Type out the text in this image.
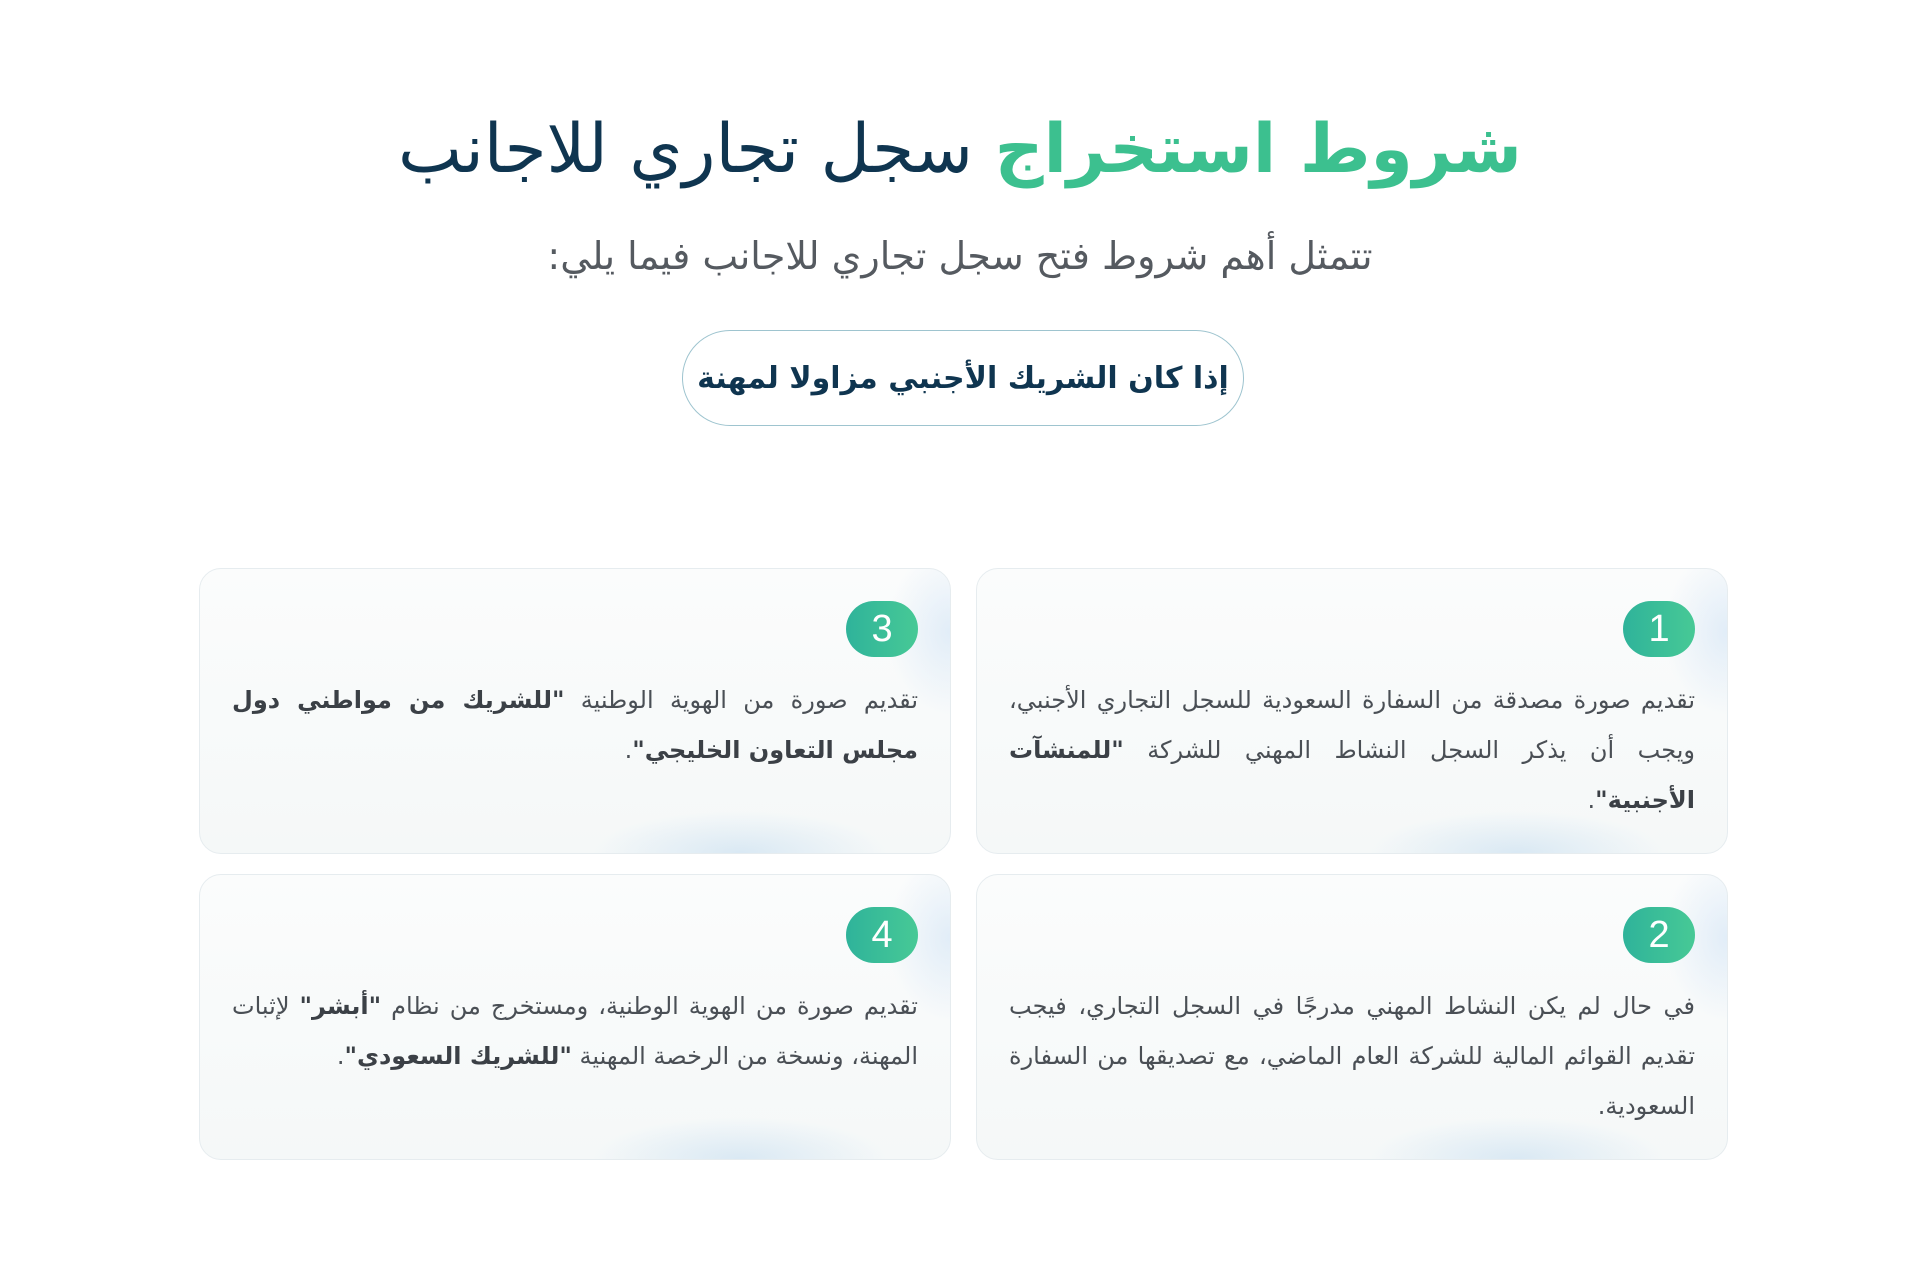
شروط استخراج سجل تجاري للاجانب

تتمثل أهم شروط فتح سجل تجاري للاجانب فيما يلي:

إذا كان الشريك الأجنبي مزاولا لمهنة
1
تقديم صورة مصدقة من السفارة السعودية للسجل التجاري الأجنبي، ويجب أن يذكر السجل النشاط المهني للشركة "للمنشآت الأجنبية".
3
تقديم صورة من الهوية الوطنية "للشريك من مواطني دول مجلس التعاون الخليجي".
2
في حال لم يكن النشاط المهني مدرجًا في السجل التجاري، فيجب تقديم القوائم المالية للشركة العام الماضي، مع تصديقها من السفارة السعودية.
4
تقديم صورة من الهوية الوطنية، ومستخرج من نظام "أبشر" لإثبات المهنة، ونسخة من الرخصة المهنية "للشريك السعودي".
